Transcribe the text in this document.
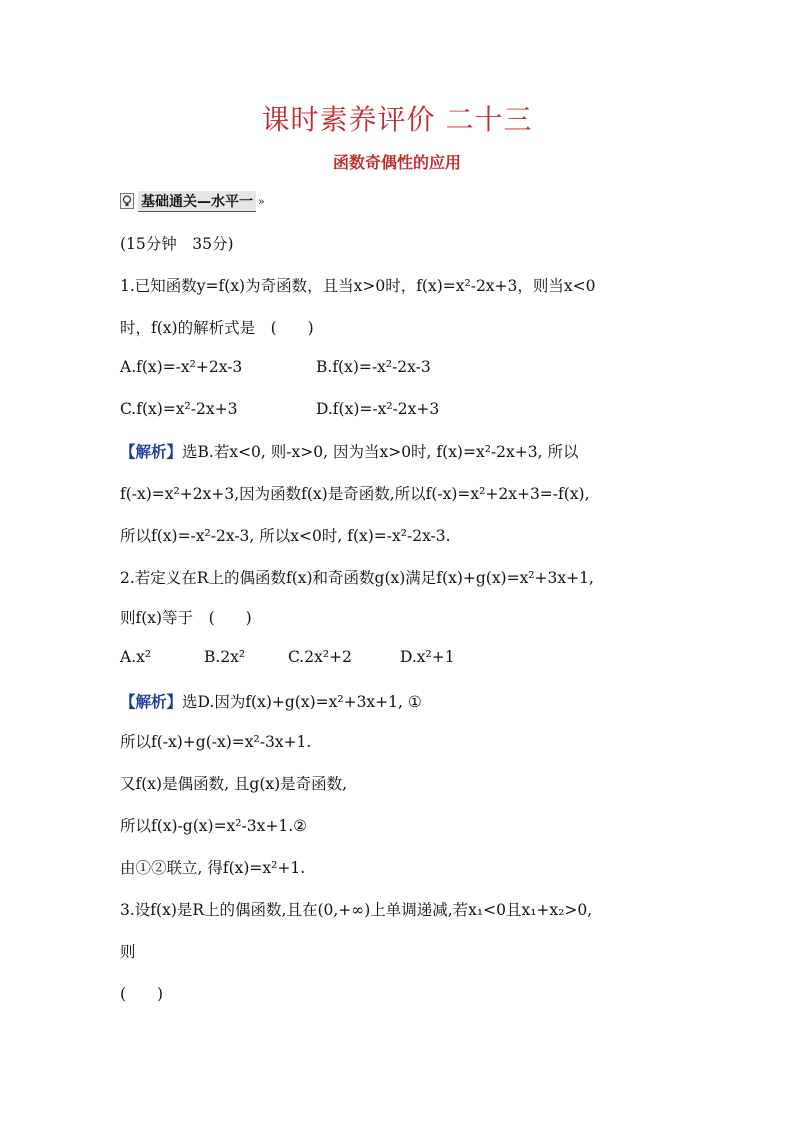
课时素养评价 二十三
函数奇偶性的应用
基础通关—水平一 »
(15分钟　35分)
1.已知函数y=f(x)为奇函数，且当x>0时，f(x)=x²-2x+3，则当x<0
时，f(x)的解析式是　(　　)
A.f(x)=-x²+2x-3	B.f(x)=-x²-2x-3
C.f(x)=x²-2x+3	D.f(x)=-x²-2x+3
【解析】选B.若x<0, 则-x>0, 因为当x>0时, f(x)=x²-2x+3, 所以
f(-x)=x²+2x+3,因为函数f(x)是奇函数,所以f(-x)=x²+2x+3=-f(x),
所以f(x)=-x²-2x-3, 所以x<0时, f(x)=-x²-2x-3.
2.若定义在R上的偶函数f(x)和奇函数g(x)满足f(x)+g(x)=x²+3x+1,
则f(x)等于　(　　)
A.x²	B.2x²	C.2x²+2	D.x²+1
【解析】选D.因为f(x)+g(x)=x²+3x+1, ①
所以f(-x)+g(-x)=x²-3x+1.
又f(x)是偶函数, 且g(x)是奇函数,
所以f(x)-g(x)=x²-3x+1.②
由①②联立, 得f(x)=x²+1.
3.设f(x)是R上的偶函数,且在(0,+∞)上单调递减,若x₁<0且x₁+x₂>0,
则
(　　)
